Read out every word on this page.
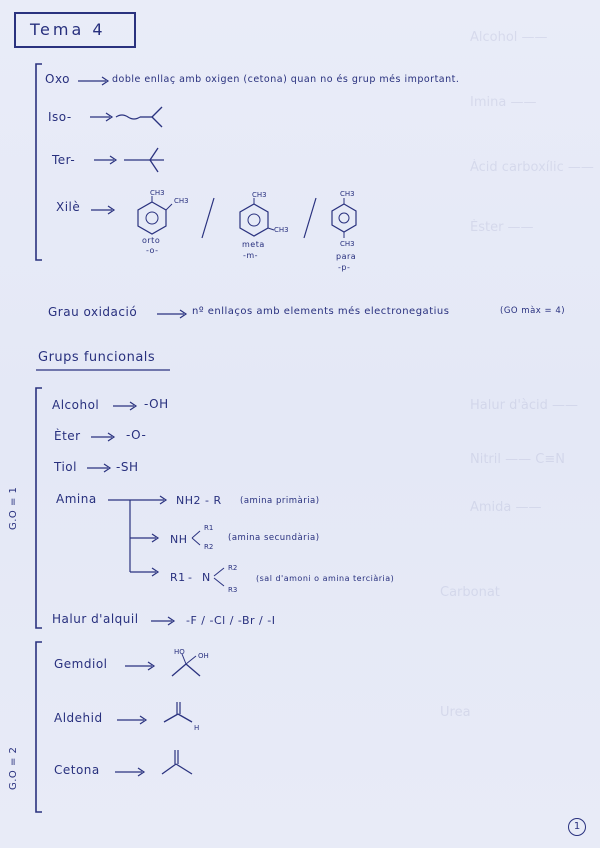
Alcohol ——
Imina ——
Àcid carboxílic ——
Èster ——
Halur d'àcid ——
Nitril —— C≡N
Amida ——
Carbonat
Urea
Tema 4
Oxo	doble enllaç amb oxigen (cetona) quan no és grup més important.
Iso-
Ter-
Xilè
CH3
CH3
orto
-o-
CH3
CH3
meta
-m-
CH3
CH3
para
-p-
Grau oxidació	nº enllaços amb elements més electronegatius	(GO màx = 4)
Grups funcionals
G.O = 1
G.O = 2
Alcohol	-OH
Èter	-O-
Tiol	-SH
Amina	NH2 - R (amina primària)
NH
R1
R2
(amina secundària)
R1 - N
R2
R3
(sal d'amoni o amina terciària)
Halur d'alquil	-F / -Cl / -Br / -I
Gemdiol
HO OH
Aldehid
H
Cetona
1
